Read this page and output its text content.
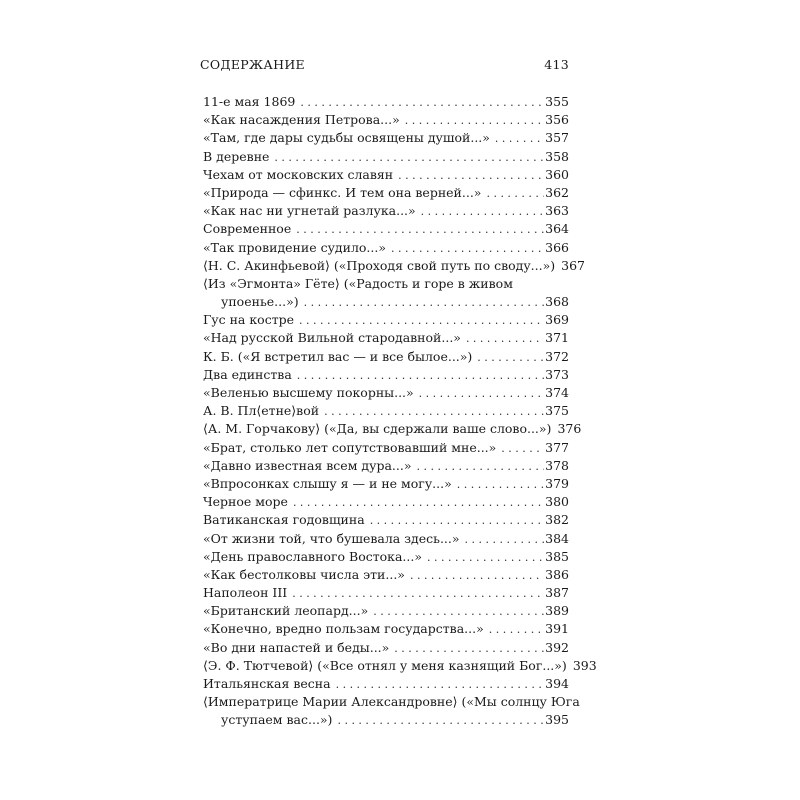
СОДЕРЖАНИЕ	413
11-е мая 1869 . . .	355
«Как насаждения Петрова...» . . .	356
«Там, где дары судьбы освящены душой...» . . .	357
В деревне . . .	358
Чехам от московских славян . . .	360
«Природа — сфинкс. И тем она верней...» . . .	362
«Как нас ни угнетай разлука...» . . .	363
Современное . . .	364
«Так провидение судило...» . . .	366
⟨Н. С. Акинфьевой⟩ («Проходя свой путь по своду...») 367
⟨Из «Эгмонта» Гёте⟩ («Радость и горе в живом
упоенье...») . . .	368
Гус на костре . . .	369
«Над русской Вильной стародавной...» . . .	371
К. Б. («Я встретил вас — и все былое...») . . .	372
Два единства . . .	373
«Веленью высшему покорны...» . . .	374
А. В. Пл⟨етне⟩вой . . .	375
⟨А. М. Горчакову⟩ («Да, вы сдержали ваше слово...») 376
«Брат, столько лет сопутствовавший мне...» . . .	377
«Давно известная всем дура...» . . .	378
«Впросонках слышу я — и не могу...» . . .	379
Черное море . . .	380
Ватиканская годовщина . . .	382
«От жизни той, что бушевала здесь...» . . .	384
«День православного Востока...» . . .	385
«Как бестолковы числа эти...» . . .	386
Наполеон III . . .	387
«Британский леопард...» . . .	389
«Конечно, вредно пользам государства...» . . .	391
«Во дни напастей и беды...» . . .	392
⟨Э. Ф. Тютчевой⟩ («Все отнял у меня казнящий Бог...») 393
Итальянская весна . . .	394
⟨Императрице Марии Александровне⟩ («Мы солнцу Юга
уступаем вас...») . . .	395
